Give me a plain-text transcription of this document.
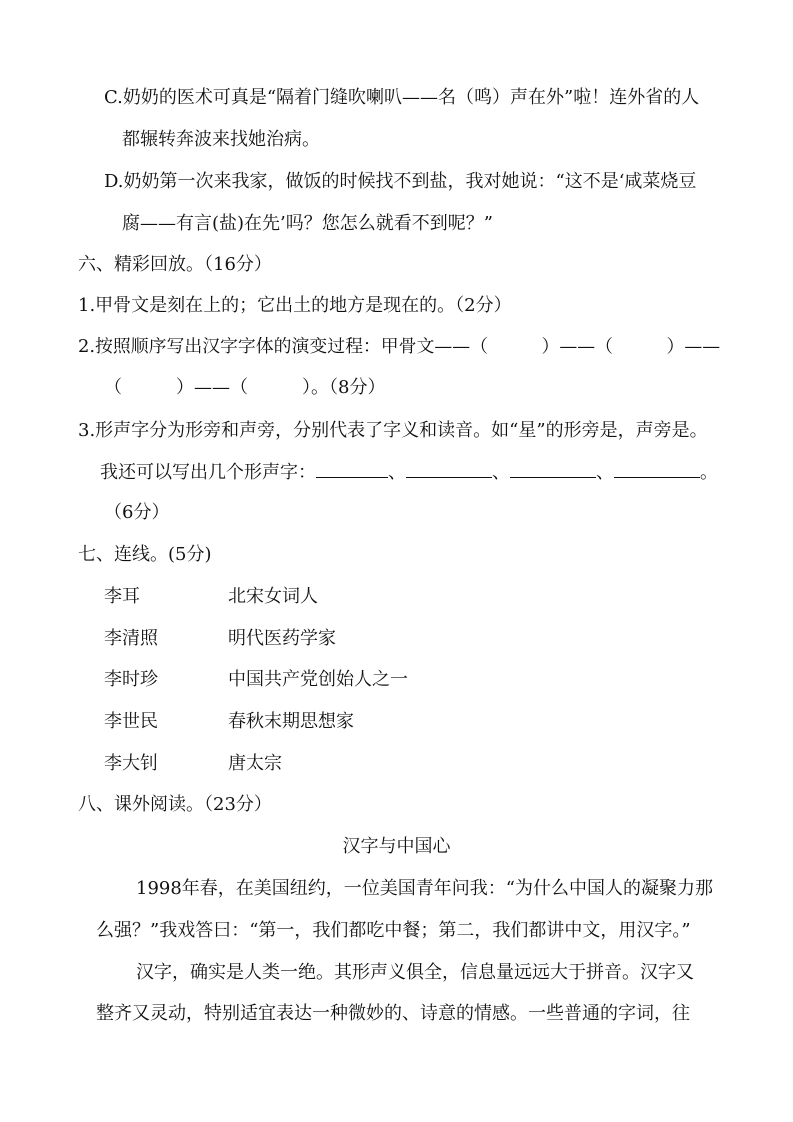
C.奶奶的医术可真是“隔着门缝吹喇叭——名（鸣）声在外”啦！连外省的人
都辗转奔波来找她治病。
D.奶奶第一次来我家，做饭的时候找不到盐，我对她说：“这不是‘咸菜烧豆
腐——有言(盐)在先’吗？您怎么就看不到呢？”
六、精彩回放。（16分）
1.甲骨文是刻在上的；它出土的地方是现在的。（2分）
2.按照顺序写出汉字字体的演变过程：甲骨文——（　　　）——（　　　）——
（　　　）——（　　　）。（8分）
3.形声字分为形旁和声旁，分别代表了字义和读音。如“星”的形旁是，声旁是。
我还可以写出几个形声字：	、	、	、	。
（6分）
七、连线。(5分)
李耳	北宋女词人
李清照	明代医药学家
李时珍	中国共产党创始人之一
李世民	春秋末期思想家
李大钊	唐太宗
八、课外阅读。（23分）
汉字与中国心
1998年春，在美国纽约，一位美国青年问我：“为什么中国人的凝聚力那
么强？”我戏答曰：“第一，我们都吃中餐；第二，我们都讲中文，用汉字。”
汉字，确实是人类一绝。其形声义俱全，信息量远远大于拼音。汉字又
整齐又灵动，特别适宜表达一种微妙的、诗意的情感。一些普通的字词，往
